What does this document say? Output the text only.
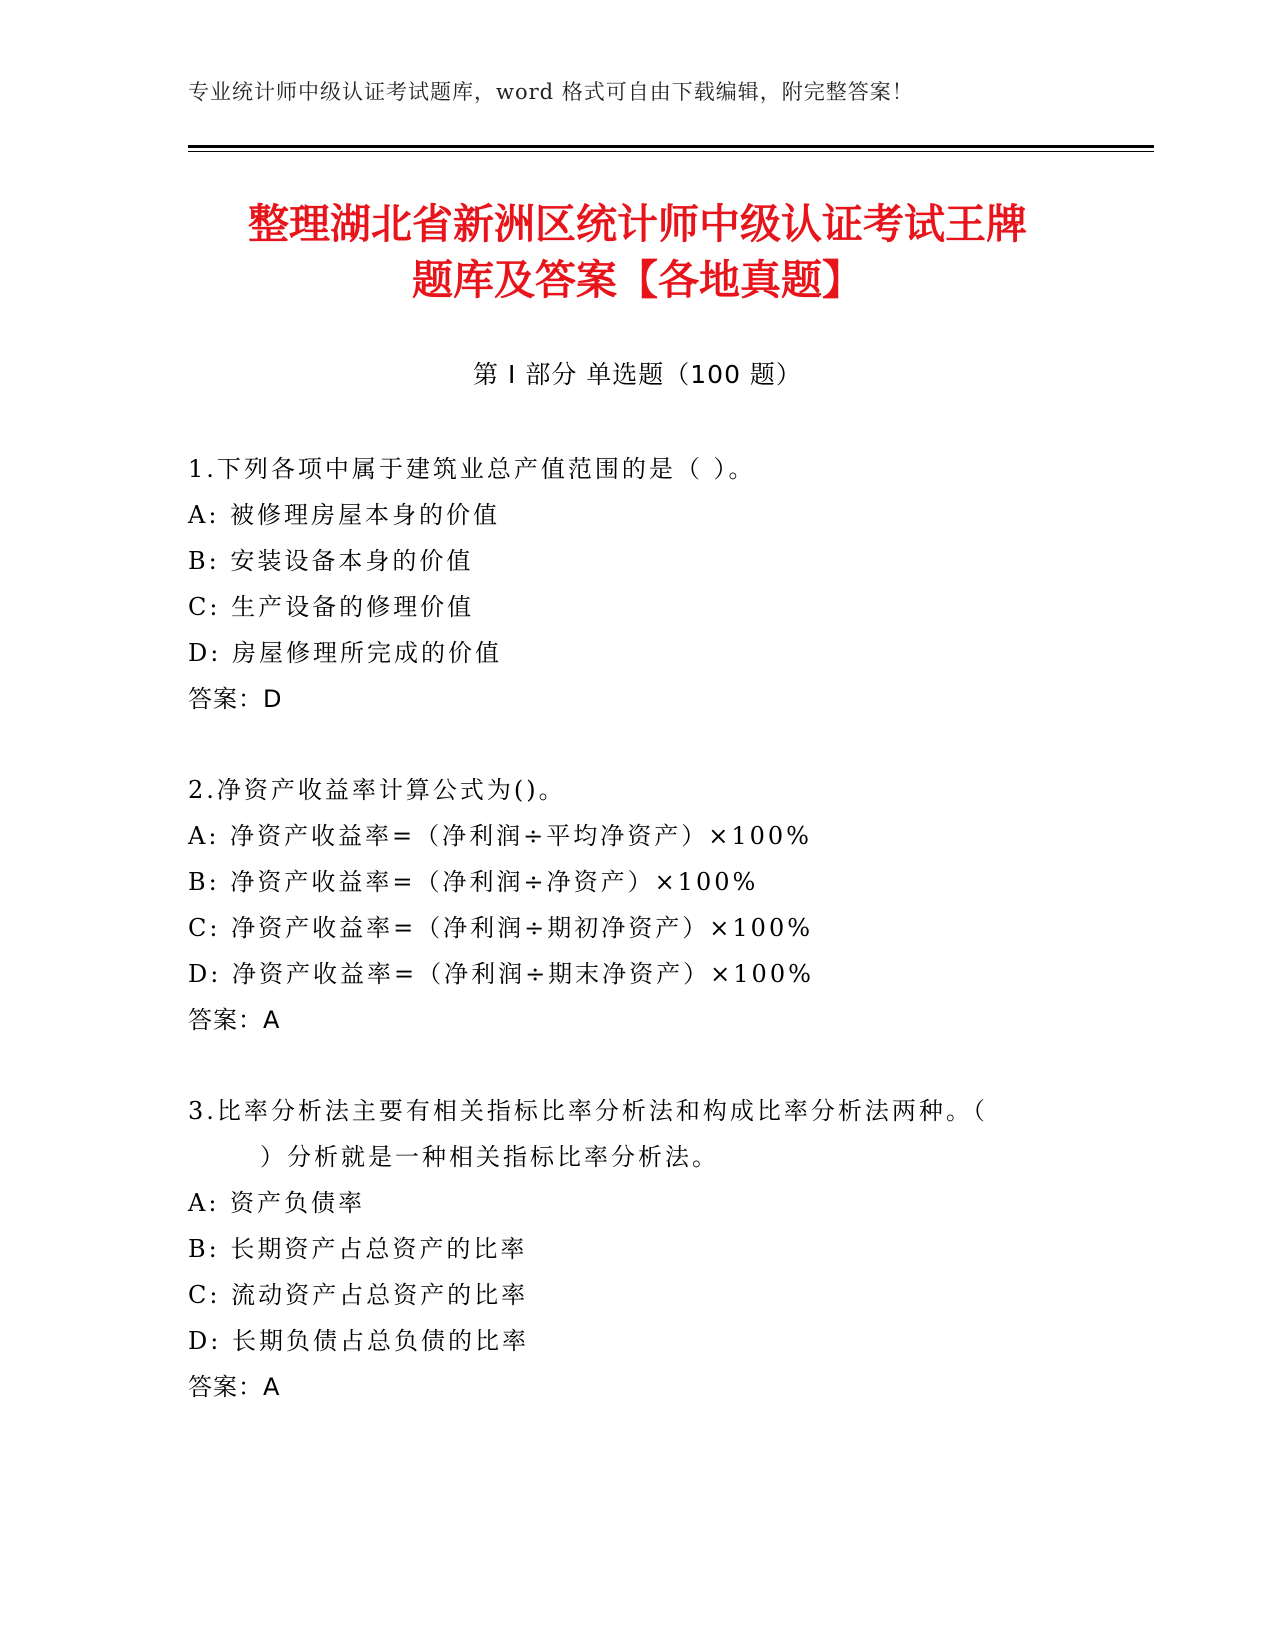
专业统计师中级认证考试题库，word 格式可自由下载编辑，附完整答案！
整理湖北省新洲区统计师中级认证考试王牌
题库及答案【各地真题】
第 I 部分 单选题（100 题）
1.下列各项中属于建筑业总产值范围的是（ ）。
A: 被修理房屋本身的价值
B: 安装设备本身的价值
C: 生产设备的修理价值
D: 房屋修理所完成的价值
答案：D
2.净资产收益率计算公式为()。
A: 净资产收益率=（净利润÷平均净资产）×100%
B: 净资产收益率=（净利润÷净资产）×100%
C: 净资产收益率=（净利润÷期初净资产）×100%
D: 净资产收益率=（净利润÷期末净资产）×100%
答案：A
3.比率分析法主要有相关指标比率分析法和构成比率分析法两种。（
）分析就是一种相关指标比率分析法。
A: 资产负债率
B: 长期资产占总资产的比率
C: 流动资产占总资产的比率
D: 长期负债占总负债的比率
答案：A
